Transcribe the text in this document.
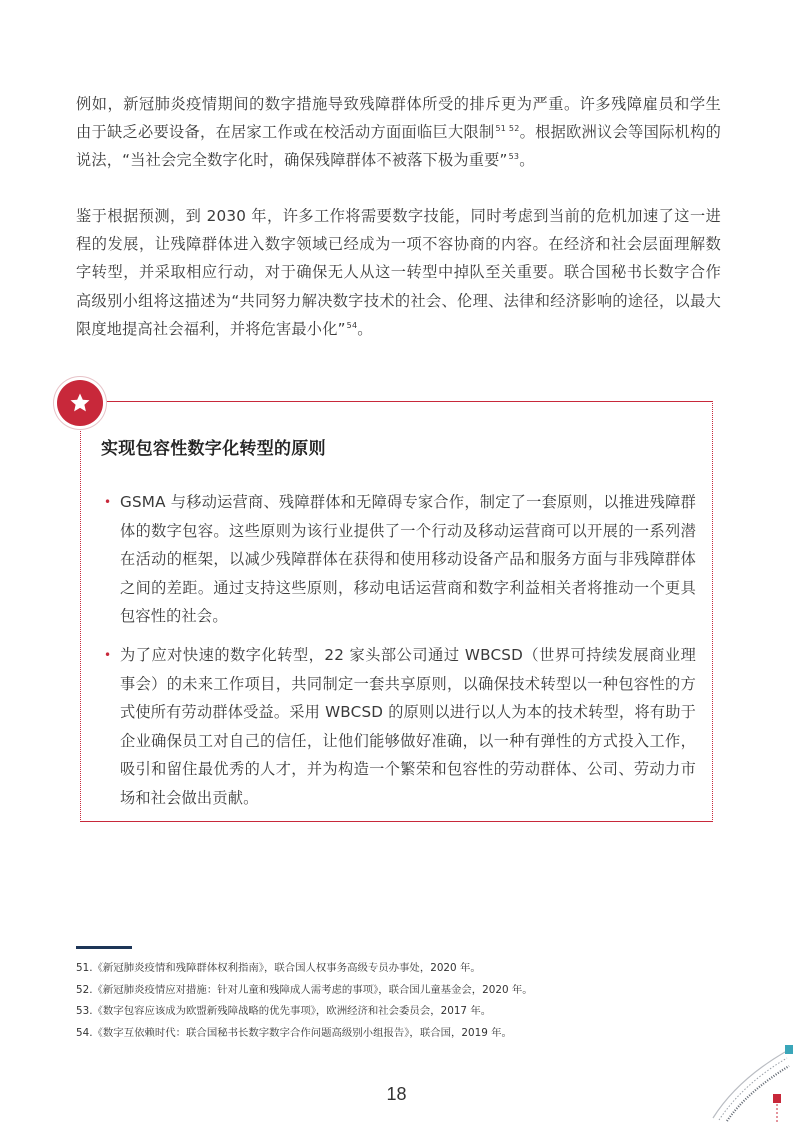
例如，新冠肺炎疫情期间的数字措施导致残障群体所受的排斥更为严重。许多残障雇员和学生由于缺乏必要设备，在居家工作或在校活动方面面临巨大限制$^{51 52}$。根据欧洲议会等国际机构的说法，“当社会完全数字化时，确保残障群体不被落下极为重要”$^{53}$。

鉴于根据预测，到 2030 年，许多工作将需要数字技能，同时考虑到当前的危机加速了这一进程的发展，让残障群体进入数字领域已经成为一项不容协商的内容。在经济和社会层面理解数字转型，并采取相应行动，对于确保无人从这一转型中掉队至关重要。联合国秘书长数字合作高级别小组将这描述为“共同努力解决数字技术的社会、伦理、法律和经济影响的途径，以最大限度地提高社会福利，并将危害最小化”$^{54}$。

实现包容性数字化转型的原则
• GSMA 与移动运营商、残障群体和无障碍专家合作，制定了一套原则，以推进残障群体的数字包容。这些原则为该行业提供了一个行动及移动运营商可以开展的一系列潜在活动的框架，以减少残障群体在获得和使用移动设备产品和服务方面与非残障群体之间的差距。通过支持这些原则，移动电话运营商和数字利益相关者将推动一个更具包容性的社会。
• 为了应对快速的数字化转型，22 家头部公司通过 WBCSD（世界可持续发展商业理事会）的未来工作项目，共同制定一套共享原则，以确保技术转型以一种包容性的方式使所有劳动群体受益。采用 WBCSD 的原则以进行以人为本的技术转型，将有助于企业确保员工对自己的信任，让他们能够做好准确，以一种有弹性的方式投入工作，吸引和留住最优秀的人才，并为构造一个繁荣和包容性的劳动群体、公司、劳动力市场和社会做出贡献。
51.《新冠肺炎疫情和残障群体权利指南》，联合国人权事务高级专员办事处，2020 年。
52.《新冠肺炎疫情应对措施：针对儿童和残障成人需考虑的事项》，联合国儿童基金会，2020 年。
53.《数字包容应该成为欧盟新残障战略的优先事项》，欧洲经济和社会委员会，2017 年。
54.《数字互依赖时代：联合国秘书长数字数字合作问题高级别小组报告》，联合国，2019 年。
18
